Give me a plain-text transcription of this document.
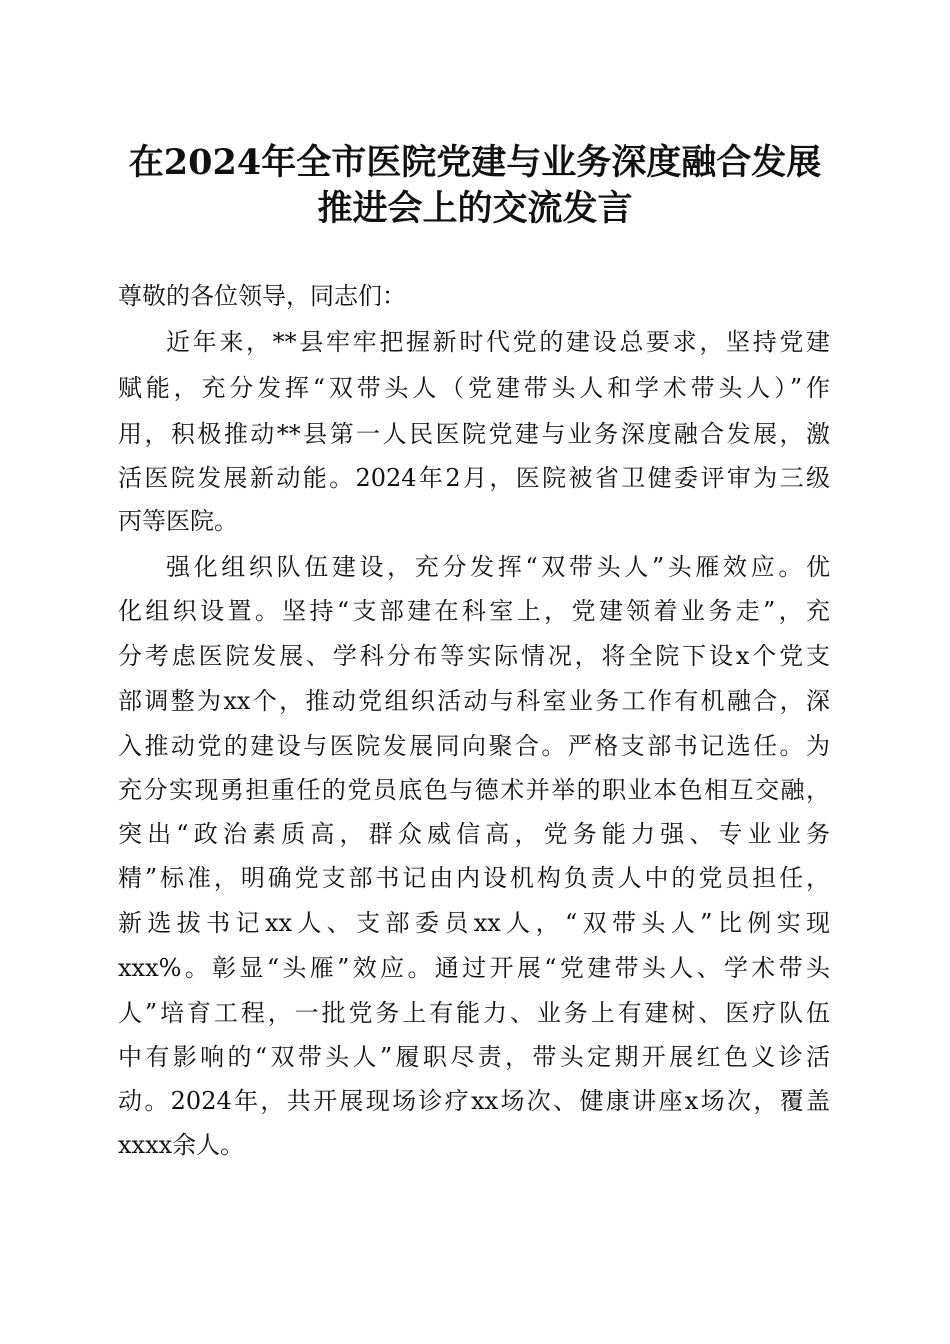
在2024年全市医院党建与业务深度融合发展
推进会上的交流发言
尊敬的各位领导，同志们：
近年来，**县牢牢把握新时代党的建设总要求，坚持党建
赋能，充分发挥“双带头人（党建带头人和学术带头人）”作
用，积极推动**县第一人民医院党建与业务深度融合发展，激
活医院发展新动能。2024年2月，医院被省卫健委评审为三级
丙等医院。
强化组织队伍建设，充分发挥“双带头人”头雁效应。优
化组织设置。坚持“支部建在科室上，党建领着业务走”，充
分考虑医院发展、学科分布等实际情况，将全院下设x个党支
部调整为xx个，推动党组织活动与科室业务工作有机融合，深
入推动党的建设与医院发展同向聚合。严格支部书记选任。为
充分实现勇担重任的党员底色与德术并举的职业本色相互交融，
突出“政治素质高，群众威信高，党务能力强、专业业务
精”标准，明确党支部书记由内设机构负责人中的党员担任，
新选拔书记xx人、支部委员xx人，“双带头人”比例实现
xxx%。彰显“头雁”效应。通过开展“党建带头人、学术带头
人”培育工程，一批党务上有能力、业务上有建树、医疗队伍
中有影响的“双带头人”履职尽责，带头定期开展红色义诊活
动。2024年，共开展现场诊疗xx场次、健康讲座x场次，覆盖
xxxx余人。
